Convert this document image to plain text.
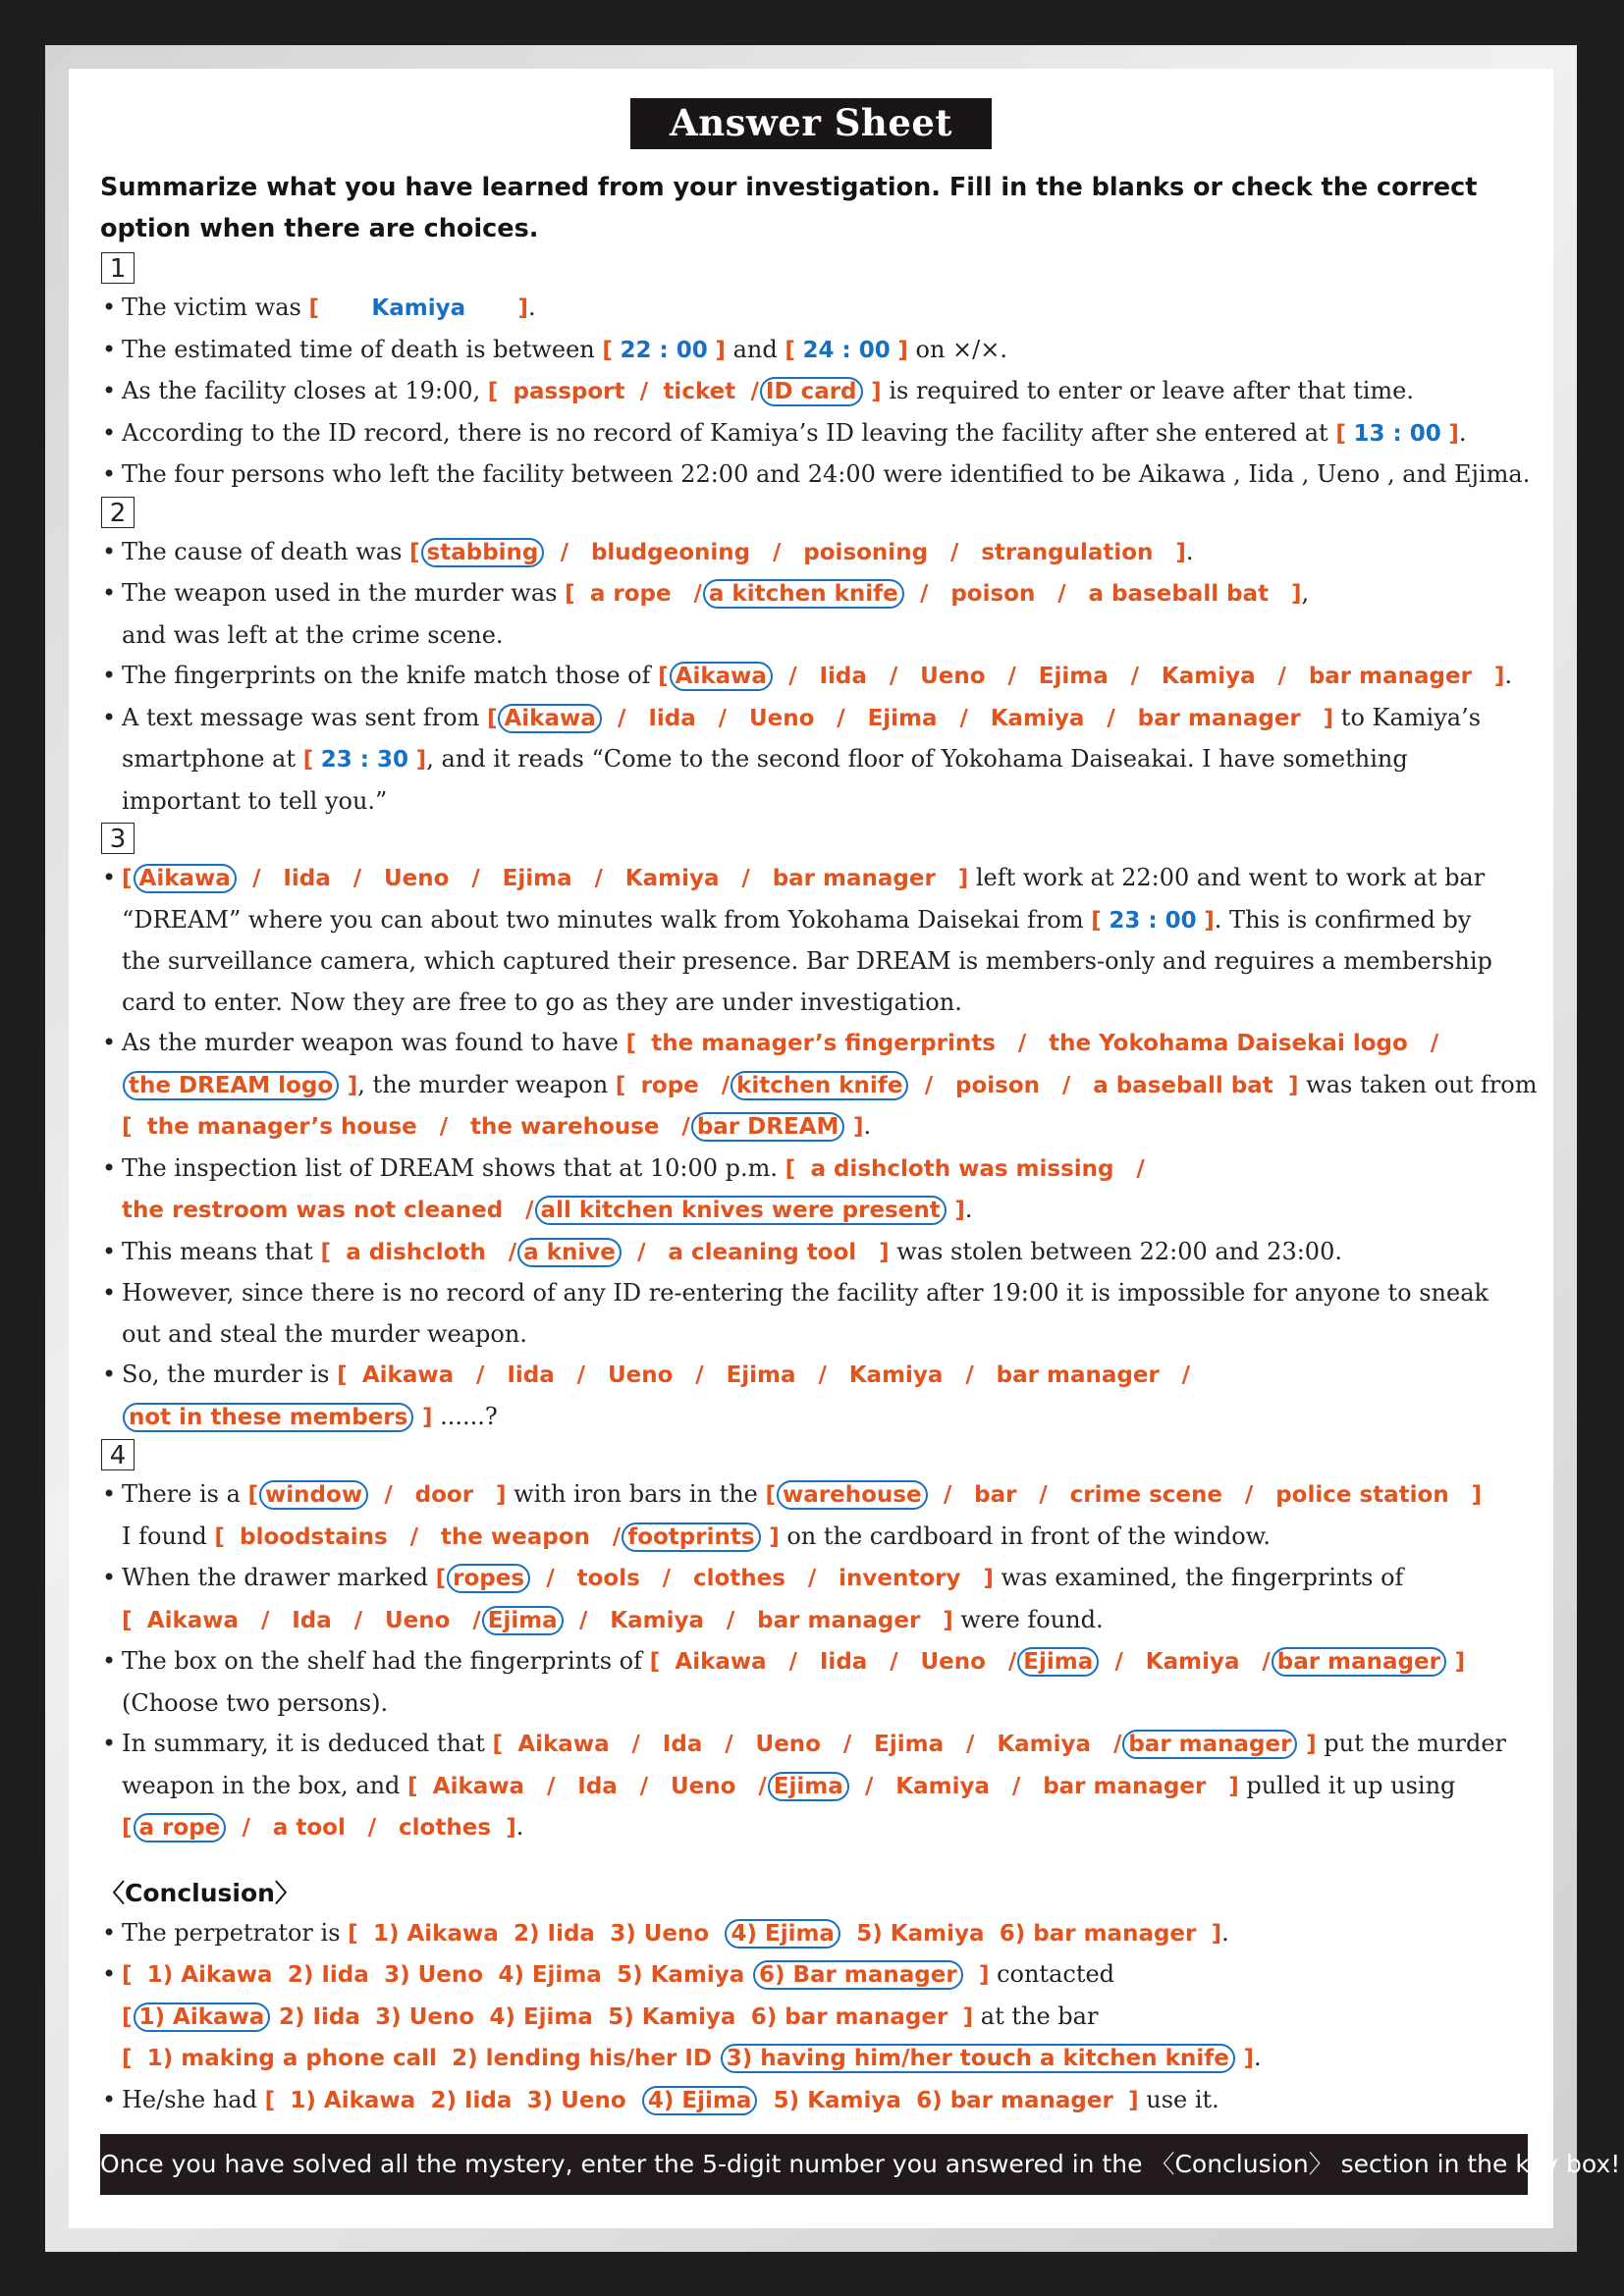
Answer Sheet
Summarize what you have learned from your investigation. Fill in the blanks or check the correct option when there are choices.
1
• The victim was [ Kamiya ].
• The estimated time of death is between [ 22 : 00 ] and [ 24 : 00 ] on ×/×.
• As the facility closes at 19:00, [ passport / ticket / ID card ] is required to enter or leave after that time.
• According to the ID record, there is no record of Kamiya’s ID leaving the facility after she entered at [ 13 : 00 ].
• The four persons who left the facility between 22:00 and 24:00 were identified to be Aikawa , Iida , Ueno , and Ejima.
2
• The cause of death was [ stabbing / bludgeoning / poisoning / strangulation ].
• The weapon used in the murder was [ a rope / a kitchen knife / poison / a baseball bat ],
and was left at the crime scene.
• The fingerprints on the knife match those of [ Aikawa / Iida / Ueno / Ejima / Kamiya / bar manager ].
• A text message was sent from [ Aikawa / Iida / Ueno / Ejima / Kamiya / bar manager ] to Kamiya’s
smartphone at [ 23 : 30 ], and it reads “Come to the second floor of Yokohama Daiseakai. I have something
important to tell you.”
3
• [ Aikawa / Iida / Ueno / Ejima / Kamiya / bar manager ] left work at 22:00 and went to work at bar
“DREAM” where you can about two minutes walk from Yokohama Daisekai from [ 23 : 00 ]. This is confirmed by
the surveillance camera, which captured their presence. Bar DREAM is members-only and reguires a membership
card to enter. Now they are free to go as they are under investigation.
• As the murder weapon was found to have [ the manager’s fingerprints / the Yokohama Daisekai logo /
the DREAM logo ], the murder weapon [ rope / kitchen knife / poison / a baseball bat ] was taken out from
[ the manager’s house / the warehouse / bar DREAM ].
• The inspection list of DREAM shows that at 10:00 p.m. [ a dishcloth was missing /
the restroom was not cleaned / all kitchen knives were present ].
• This means that [ a dishcloth / a knive / a cleaning tool ] was stolen between 22:00 and 23:00.
• However, since there is no record of any ID re-entering the facility after 19:00 it is impossible for anyone to sneak
out and steal the murder weapon.
• So, the murder is [ Aikawa / Iida / Ueno / Ejima / Kamiya / bar manager /
not in these members ] ......?
4
• There is a [ window / door ] with iron bars in the [ warehouse / bar / crime scene / police station ]
I found [ bloodstains / the weapon / footprints ] on the cardboard in front of the window.
• When the drawer marked [ ropes / tools / clothes / inventory ] was examined, the fingerprints of
[ Aikawa / Ida / Ueno / Ejima / Kamiya / bar manager ] were found.
• The box on the shelf had the fingerprints of [ Aikawa / Iida / Ueno / Ejima / Kamiya / bar manager ]
(Choose two persons).
• In summary, it is deduced that [ Aikawa / Ida / Ueno / Ejima / Kamiya / bar manager ] put the murder
weapon in the box, and [ Aikawa / Ida / Ueno / Ejima / Kamiya / bar manager ] pulled it up using
[ a rope / a tool / clothes ].
〈Conclusion〉
• The perpetrator is [ 1) Aikawa 2) Iida 3) Ueno 4) Ejima 5) Kamiya 6) bar manager ].
• [ 1) Aikawa 2) Iida 3) Ueno 4) Ejima 5) Kamiya 6) Bar manager ] contacted
[ 1) Aikawa 2) Iida 3) Ueno 4) Ejima 5) Kamiya 6) bar manager ] at the bar
[ 1) making a phone call 2) lending his/her ID 3) having him/her touch a kitchen knife ].
• He/she had [ 1) Aikawa 2) Iida 3) Ueno 4) Ejima 5) Kamiya 6) bar manager ] use it.
Once you have solved all the mystery, enter the 5-digit number you answered in the 〈Conclusion〉 section in the key box!
